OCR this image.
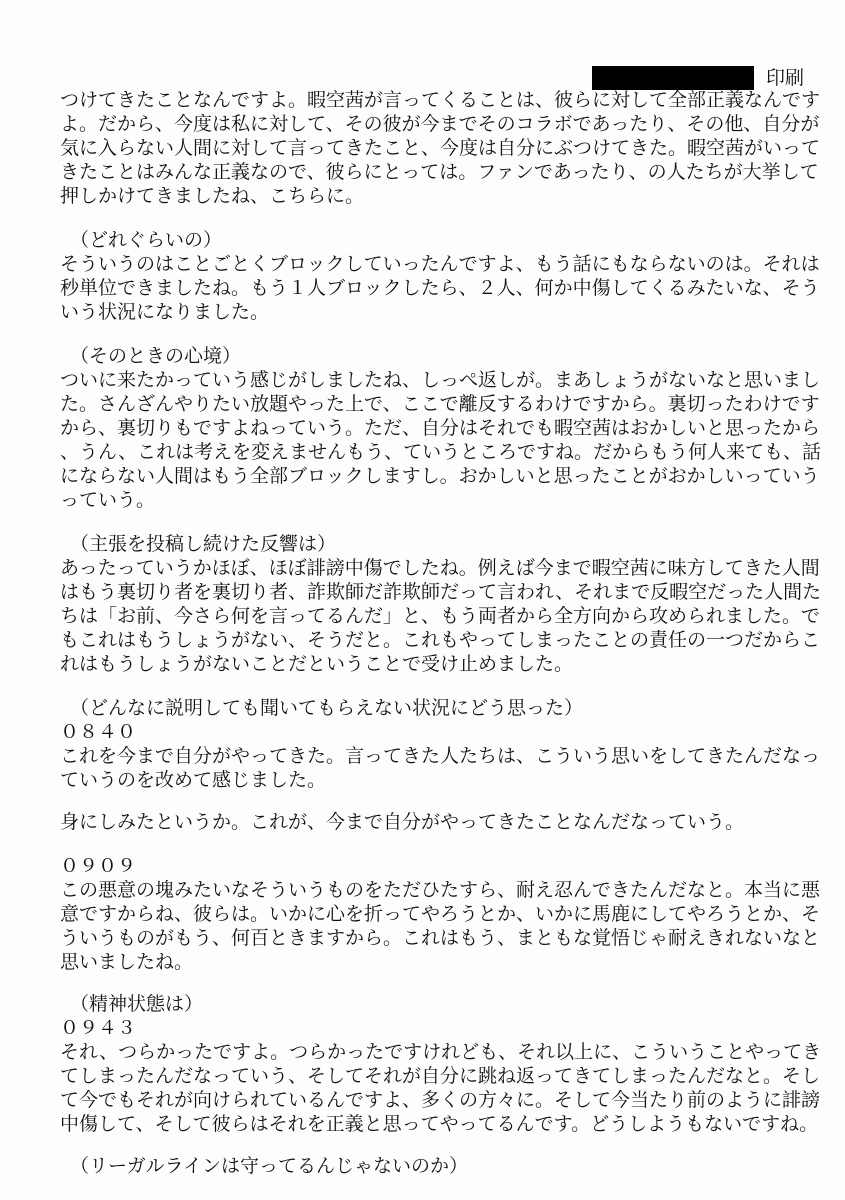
印刷
つけてきたことなんですよ。暇空茜が言ってくることは、彼らに対して全部正義なんです
よ。だから、今度は私に対して、その彼が今までそのコラボであったり、その他、自分が
気に入らない人間に対して言ってきたこと、今度は自分にぶつけてきた。暇空茜がいって
きたことはみんな正義なので、彼らにとっては。ファンであったり、の人たちが大挙して
押しかけてきましたね、こちらに。
（どれぐらいの）
そういうのはことごとくブロックしていったんですよ、もう話にもならないのは。それは
秒単位できましたね。もう１人ブロックしたら、２人、何か中傷してくるみたいな、そう
いう状況になりました。
（そのときの心境）
ついに来たかっていう感じがしましたね、しっぺ返しが。まあしょうがないなと思いまし
た。さんざんやりたい放題やった上で、ここで離反するわけですから。裏切ったわけです
から、裏切りもですよねっていう。ただ、自分はそれでも暇空茜はおかしいと思ったから
、うん、これは考えを変えませんもう、ていうところですね。だからもう何人来ても、話
にならない人間はもう全部ブロックしますし。おかしいと思ったことがおかしいっていう
っていう。
（主張を投稿し続けた反響は）
あったっていうかほぼ、ほぼ誹謗中傷でしたね。例えば今まで暇空茜に味方してきた人間
はもう裏切り者を裏切り者、詐欺師だ詐欺師だって言われ、それまで反暇空だった人間た
ちは「お前、今さら何を言ってるんだ」と、もう両者から全方向から攻められました。で
もこれはもうしょうがない、そうだと。これもやってしまったことの責任の一つだからこ
れはもうしょうがないことだということで受け止めました。
（どんなに説明しても聞いてもらえない状況にどう思った）
０８４０
これを今まで自分がやってきた。言ってきた人たちは、こういう思いをしてきたんだなっ
ていうのを改めて感じました。
身にしみたというか。これが、今まで自分がやってきたことなんだなっていう。
０９０９
この悪意の塊みたいなそういうものをただひたすら、耐え忍んできたんだなと。本当に悪
意ですからね、彼らは。いかに心を折ってやろうとか、いかに馬鹿にしてやろうとか、そ
ういうものがもう、何百ときますから。これはもう、まともな覚悟じゃ耐えきれないなと
思いましたね。
（精神状態は）
０９４３
それ、つらかったですよ。つらかったですけれども、それ以上に、こういうことやってき
てしまったんだなっていう、そしてそれが自分に跳ね返ってきてしまったんだなと。そし
て今でもそれが向けられているんですよ、多くの方々に。そして今当たり前のように誹謗
中傷して、そして彼らはそれを正義と思ってやってるんです。どうしようもないですね。
（リーガルラインは守ってるんじゃないのか）
